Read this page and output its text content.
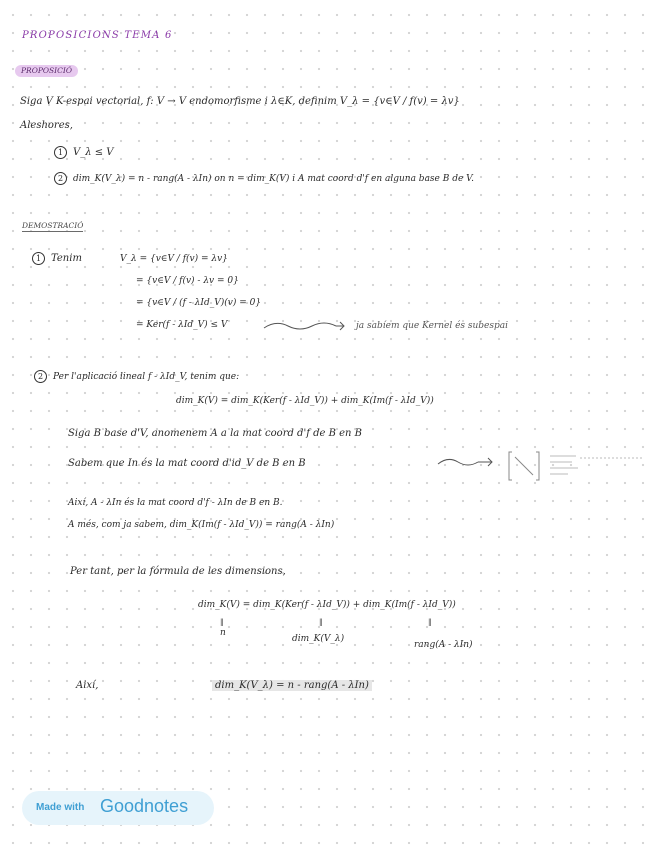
PROPOSICIONS TEMA 6
PROPOSICIÓ
Siga V K-espai vectorial, f: V → V endomorfisme i λ∈K, definim V_λ = {v∈V / f(v) = λv}
Aleshores,
1 V_λ ≤ V
2 dim_K(V_λ) = n - rang(A - λIn) on n = dim_K(V) i A mat coord d'f en alguna base B de V.
DEMOSTRACIÓ
1 Tenim	V_λ = {v∈V / f(v) = λv}
= {v∈V / f(v) - λv = 0}
= {v∈V / (f - λId_V)(v) = 0}
= Ker(f - λId_V) ≤ V	ja sabíem que Kernel és subespai
2 Per l'aplicació lineal f - λId_V, tenim que:
dim_K(V) = dim_K(Ker(f - λId_V)) + dim_K(Im(f - λId_V))
Siga B base d'V, anomenem A a la mat coord d'f de B en B
Sabem que In és la mat coord d'id_V de B en B
Així, A - λIn és la mat coord d'f - λIn de B en B.
A més, com ja sabem, dim_K(Im(f - λId_V)) = rang(A - λIn)
Per tant, per la fórmula de les dimensions,
dim_K(V) = dim_K(Ker(f - λId_V)) + dim_K(Im(f - λId_V))
‖	‖	‖
n
dim_K(V_λ)
rang(A - λIn)
Així,	dim_K(V_λ) = n - rang(A - λIn)
Made with Goodnotes
